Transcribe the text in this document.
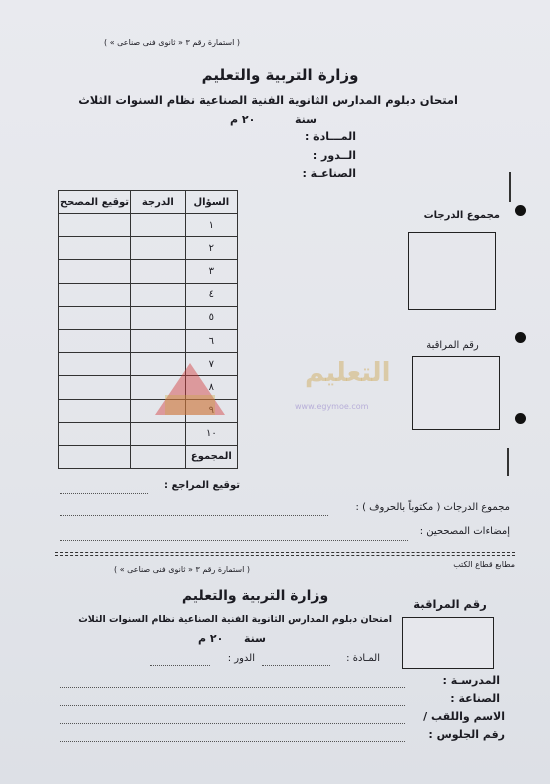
( استمارة رقم ٣ « ثانوى فنى صناعى » )
وزارة التربية والتعليم
امتحان دبلوم المدارس الثانوية الفنية الصناعية نظام السنوات الثلاث
سنة
٢٠ م
المـــادة :
الــدور :
الصناعـة :
السؤال	الدرجة	توقيع المصحح
١		
٢		
٣		
٤		
٥		
٦		
٧		
٨		

١٠		
المجموع		
مجموع الدرجات
رقم المراقبة
التعليم
www.egymoe.com
توقيع المراجع :
مجموع الدرجات ( مكتوباً بالحروف ) :
إمضاءات المصححين :
مطابع قطاع الكتب
( استمارة رقم ٣ « ثانوى فنى صناعى » )
وزارة التربية والتعليم
امتحان دبلوم المدارس الثانوية الفنية الصناعية نظام السنوات الثلاث
رقم المراقبة
سنة
٢٠ م
المـادة :
الدور :
المدرسـة :
الصناعة :
الاسم واللقب /
رقم الجلوس :
